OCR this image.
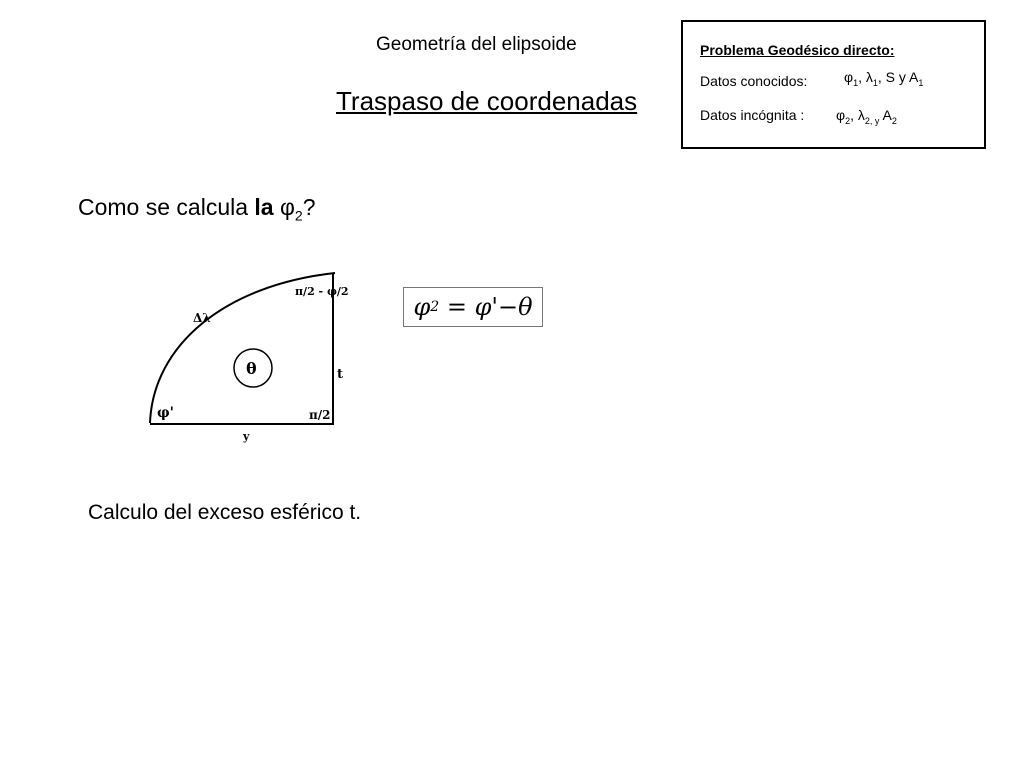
Geometría del elipsoide
Traspaso de coordenadas
Problema Geodésico directo:
Datos conocidos:	$\varphi_1$, $\lambda_1$, S y $A_1$
Datos incógnita : $\varphi_2$, $\lambda_{2, y}$ $A_2$
Como se calcula la $\varphi_2$?
θ
π/2 - φ/2
Δλ
t
π/2
φ'
y
φ 2 = φ'−θ
Calculo del exceso esférico t.
